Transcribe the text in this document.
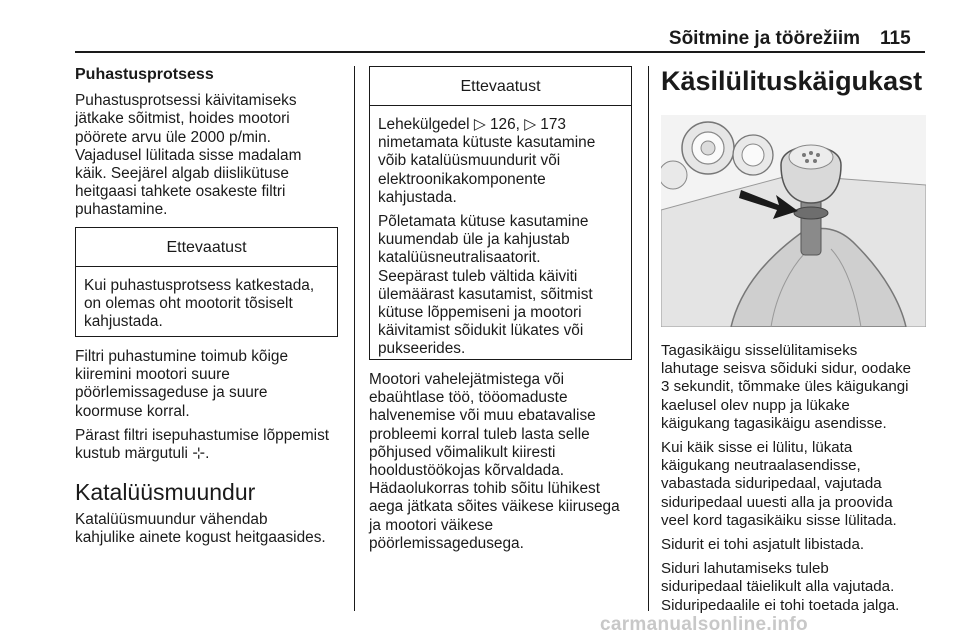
Sõitmine ja töörežiim 115
Puhastusprotsess

Puhastusprotsessi käivitamiseks
jätkake sõitmist, hoides mootori
pöörete arvu üle 2000 p/min.
Vajadusel lülitada sisse madalam
käik. Seejärel algab diislikütuse
heitgaasi tahkete osakeste filtri
puhastamine.

Ettevaatust

Kui puhastusprotsess katkestada,
on olemas oht mootorit tõsiselt
kahjustada.

Filtri puhastumine toimub kõige
kiiremini mootori suure
pöörlemissageduse ja suure
koormuse korral.

Pärast filtri isepuhastumise lõppemist
kustub märgutuli ⊹.

Katalüüsmuundur

Katalüüsmuundur vähendab
kahjulike ainete kogust heitgaasides.

Ettevaatust

Lehekülgedel ▷ 126, ▷ 173
nimetamata kütuste kasutamine
võib katalüüsmuundurit või
elektroonikakomponente
kahjustada.

Põletamata kütuse kasutamine
kuumendab üle ja kahjustab
katalüüsneutralisaatorit.
Seepärast tuleb vältida käiviti
ülemäärast kasutamist, sõitmist
kütuse lõppemiseni ja mootori
käivitamist sõidukit lükates või
pukseerides.

Mootori vahelejätmistega või
ebaühtlase töö, tööomaduste
halvenemise või muu ebatavalise
probleemi korral tuleb lasta selle
põhjused võimalikult kiiresti
hooldustöökojas kõrvaldada.
Hädaolukorras tohib sõitu lühikest
aega jätkata sõites väikese kiirusega
ja mootori väikese
pöörlemissagedusega.

Käsilülituskäigukast

Tagasikäigu sisselülitamiseks
lahutage seisva sõiduki sidur, oodake
3 sekundit, tõmmake üles käigukangi
kaelusel olev nupp ja lükake
käigukang tagasikäigu asendisse.

Kui käik sisse ei lülitu, lükata
käigukang neutraalasendisse,
vabastada siduripedaal, vajutada
siduripedaal uuesti alla ja proovida
veel kord tagasikäiku sisse lülitada.

Sidurit ei tohi asjatult libistada.

Siduri lahutamiseks tuleb
siduripedaal täielikult alla vajutada.
Siduripedaalile ei tohi toetada jalga.

carmanualsonline.info
